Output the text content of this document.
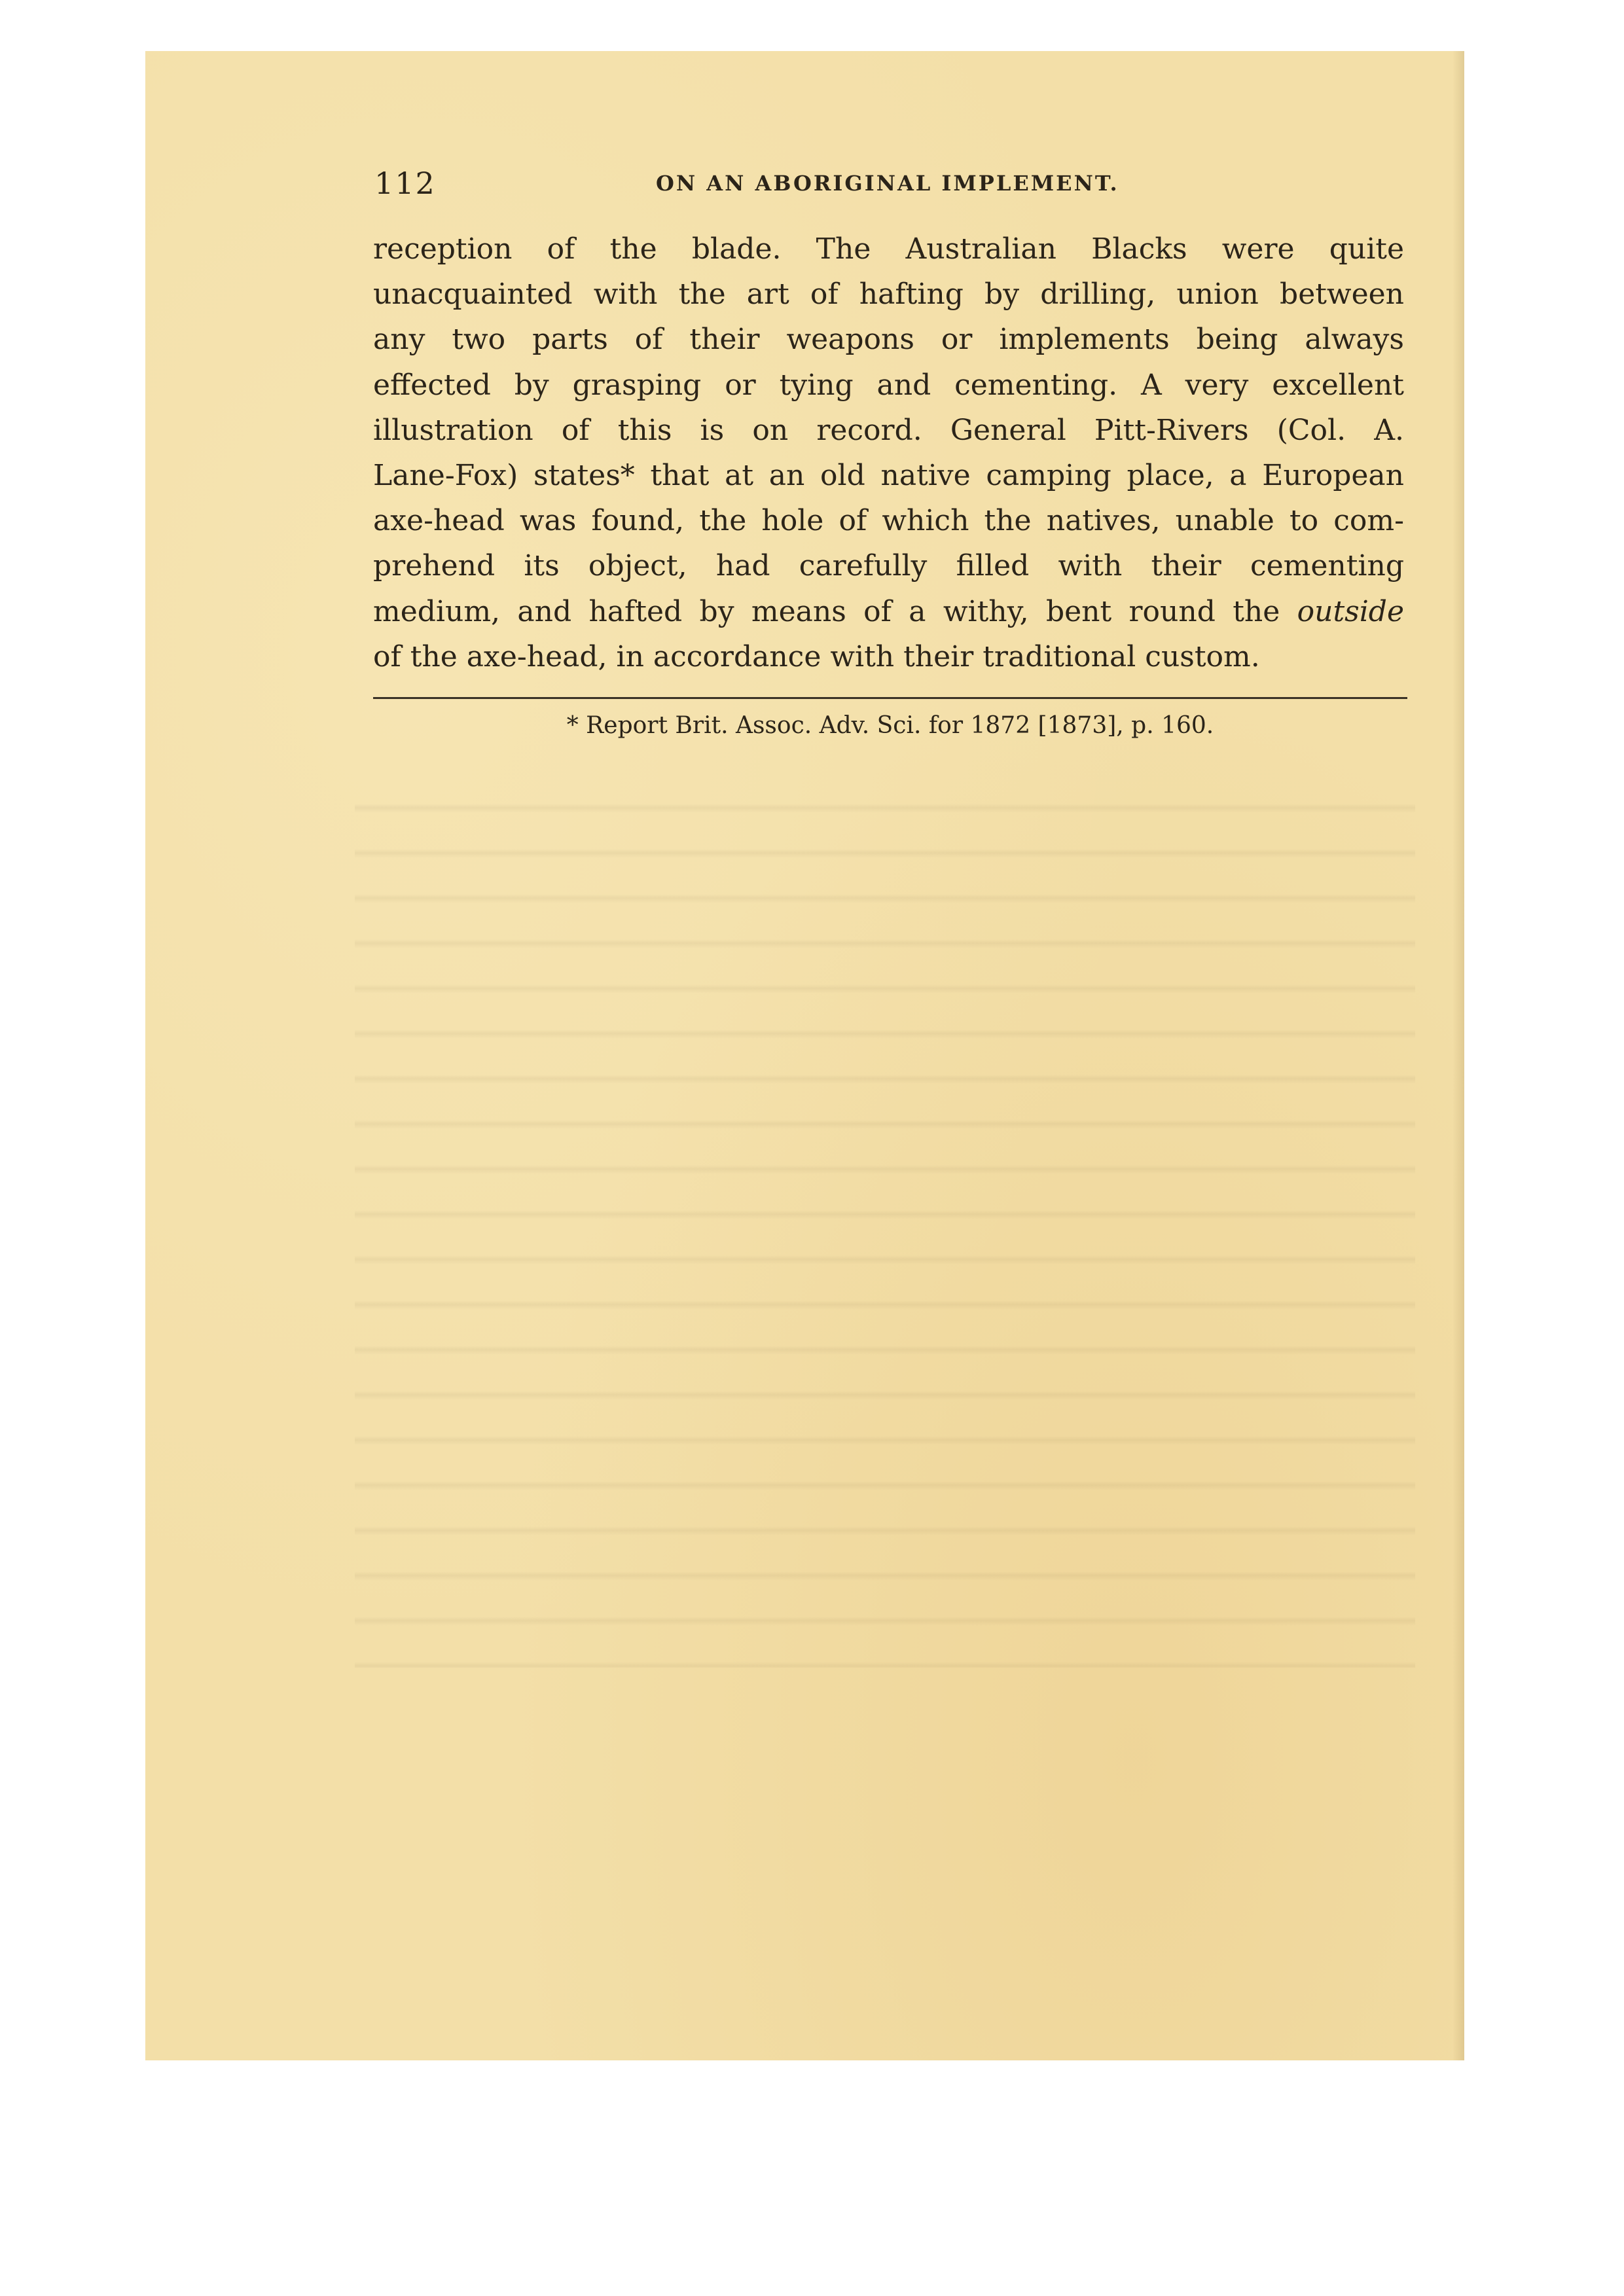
112	ON AN ABORIGINAL IMPLEMENT.
reception of the blade. The Australian Blacks were quite
unacquainted with the art of hafting by drilling, union between
any two parts of their weapons or implements being always
effected by grasping or tying and cementing. A very excellent
illustration of this is on record. General Pitt-Rivers (Col. A.
Lane-Fox) states* that at an old native camping place, a European
axe-head was found, the hole of which the natives, unable to com-
prehend its object, had carefully filled with their cementing
medium, and hafted by means of a withy, bent round the outside
of the axe-head, in accordance with their traditional custom.
* Report Brit. Assoc. Adv. Sci. for 1872 [1873], p. 160.
